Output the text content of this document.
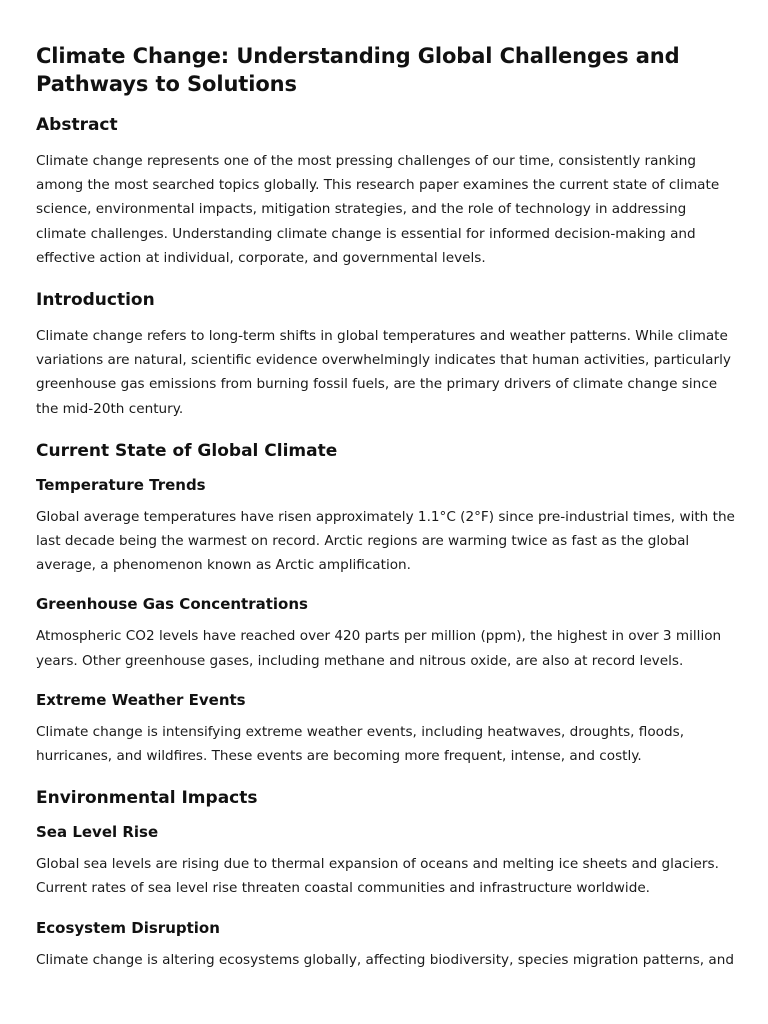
Climate Change: Understanding Global Challenges and Pathways to Solutions
Abstract

Climate change represents one of the most pressing challenges of our time, consistently ranking among the most searched topics globally. This research paper examines the current state of climate science, environmental impacts, mitigation strategies, and the role of technology in addressing climate challenges. Understanding climate change is essential for informed decision-making and effective action at individual, corporate, and governmental levels.

Introduction

Climate change refers to long-term shifts in global temperatures and weather patterns. While climate variations are natural, scientific evidence overwhelmingly indicates that human activities, particularly greenhouse gas emissions from burning fossil fuels, are the primary drivers of climate change since the mid-20th century.

Current State of Global Climate
Temperature Trends

Global average temperatures have risen approximately 1.1°C (2°F) since pre-industrial times, with the last decade being the warmest on record. Arctic regions are warming twice as fast as the global average, a phenomenon known as Arctic amplification.

Greenhouse Gas Concentrations

Atmospheric CO2 levels have reached over 420 parts per million (ppm), the highest in over 3 million years. Other greenhouse gases, including methane and nitrous oxide, are also at record levels.

Extreme Weather Events

Climate change is intensifying extreme weather events, including heatwaves, droughts, floods, hurricanes, and wildfires. These events are becoming more frequent, intense, and costly.

Environmental Impacts
Sea Level Rise

Global sea levels are rising due to thermal expansion of oceans and melting ice sheets and glaciers. Current rates of sea level rise threaten coastal communities and infrastructure worldwide.

Ecosystem Disruption

Climate change is altering ecosystems globally, affecting biodiversity, species migration patterns, and
